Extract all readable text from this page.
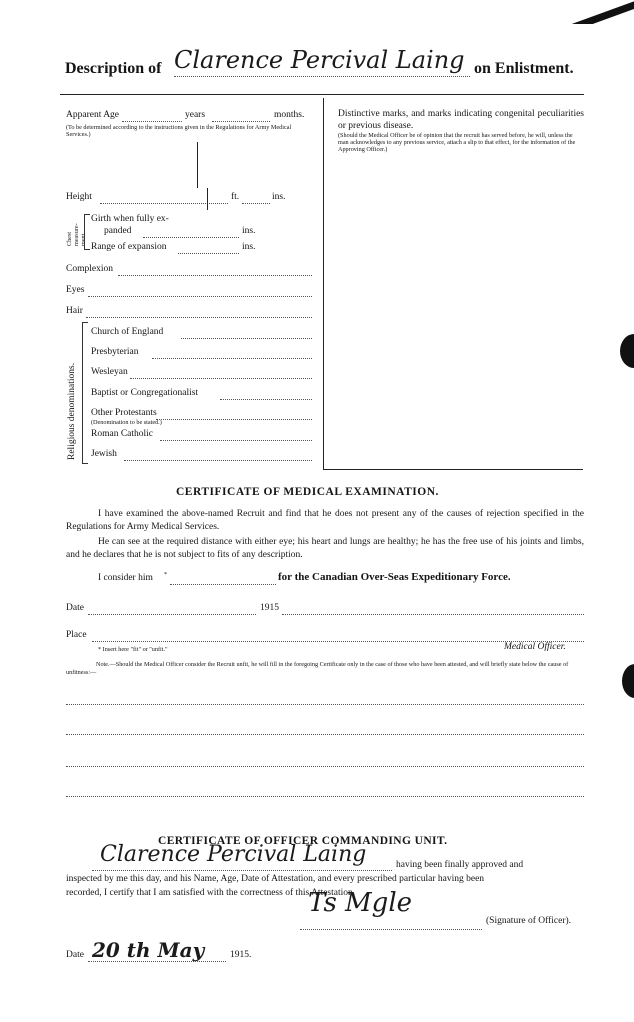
Description of Clarence Percival Laing on Enlistment.
Apparent Age	years	months.
(To be determined according to the instructions given in the Regulations for Army Medical Services.)
Height	ft.	ins.
Chest measure-ment.
Girth when fully ex-
panded	ins.
Range of expansion	ins.
Complexion
Eyes
Hair
Religious denominations.
Church of England
Presbyterian
Wesleyan
Baptist or Congregationalist
Other Protestants
(Denomination to be stated.)
Roman Catholic
Jewish
Distinctive marks, and marks indicating congenital peculiarities or previous disease.
(Should the Medical Officer be of opinion that the recruit has served before, he will, unless the man acknowledges to any previous service, attach a slip to that effect, for the information of the Approving Officer.)
CERTIFICATE OF MEDICAL EXAMINATION.
I have examined the above-named Recruit and find that he does not present any of the causes of rejection specified in the Regulations for Army Medical Services.
He can see at the required distance with either eye; his heart and lungs are healthy; he has the free use of his joints and limbs, and he declares that he is not subject to fits of any description.
I consider him *	for the Canadian Over-Seas Expeditionary Force.
Date	1915
Place
* Insert here "fit" or "unfit."	Medical Officer.
Note.—Should the Medical Officer consider the Recruit unfit, he will fill in the foregoing Certificate only in the case of those who have been attested, and will briefly state below the cause of unfitness:—
CERTIFICATE OF OFFICER COMMANDING UNIT.
Clarence Percival Laing	having been finally approved and
inspected by me this day, and his Name, Age, Date of Attestation, and every prescribed particular having been
recorded, I certify that I am satisfied with the correctness of this Attestation.
Ts Mgle
(Signature of Officer).
Date 20 th May	1915.
